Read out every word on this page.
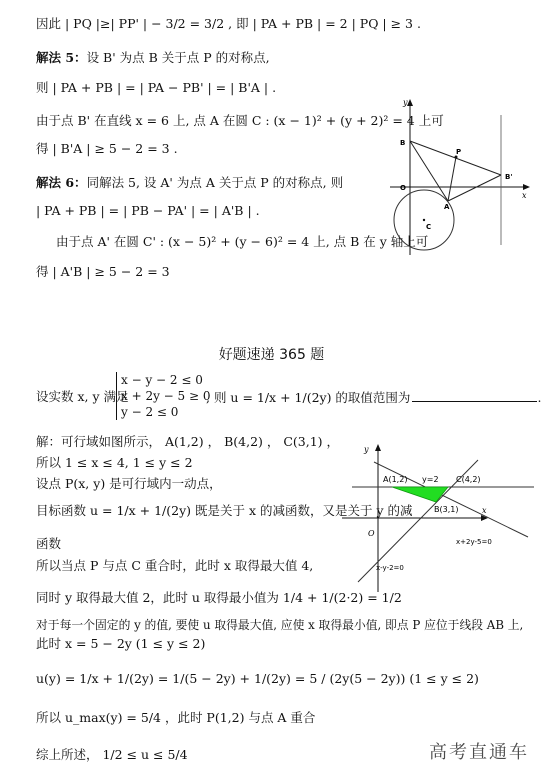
因此 | PQ |≥| PP' | − 3/2 = 3/2 , 即 | PA + PB | = 2 | PQ | ≥ 3 .
解法 5：设 B' 为点 B 关于点 P 的对称点,
则 | PA + PB | = | PA − PB' | = | B'A | .
由于点 B' 在直线 x = 6 上, 点 A 在圆 C : (x − 1)² + (y + 2)² = 4 上可
得 | B'A | ≥ 5 − 2 = 3 .
解法 6：同解法 5, 设 A' 为点 A 关于点 P 的对称点, 则
| PA + PB | = | PB − PA' | = | A'B | .
由于点 A' 在圆 C' : (x − 5)² + (y − 6)² = 4 上, 点 B 在 y 轴上可
得 | A'B | ≥ 5 − 2 = 3
y
x
B
P
B'
O
A
C
好题速递 365 题
设实数 x, y 满足
x − y − 2 ≤ 0
x + 2y − 5 ≥ 0
y − 2 ≤ 0
, 则 u = 1/x + 1/(2y) 的取值范围为	.
解：可行域如图所示， A(1,2) ， B(4,2) ， C(3,1) ，
所以 1 ≤ x ≤ 4, 1 ≤ y ≤ 2
设点 P(x, y) 是可行域内一动点，
目标函数 u = 1/x + 1/(2y) 既是关于 x 的减函数，又是关于 y 的减
函数
所以当点 P 与点 C 重合时，此时 x 取得最大值 4,
同时 y 取得最大值 2，此时 u 取得最小值为 1/4 + 1/(2·2) = 1/2
对于每一个固定的 y 的值, 要使 u 取得最大值, 应使 x 取得最小值, 即点 P 应位于线段 AB 上,
此时 x = 5 − 2y (1 ≤ y ≤ 2)
u(y) = 1/x + 1/(2y) = 1/(5 − 2y) + 1/(2y) = 5 / (2y(5 − 2y)) (1 ≤ y ≤ 2)
所以 u_max(y) = 5/4 ，此时 P(1,2) 与点 A 重合
综上所述， 1/2 ≤ u ≤ 5/4
y
x
A(1,2) y=2 C(4,2)
B(3,1)
O
x-y-2=0
x+2y-5=0
高考直通车
